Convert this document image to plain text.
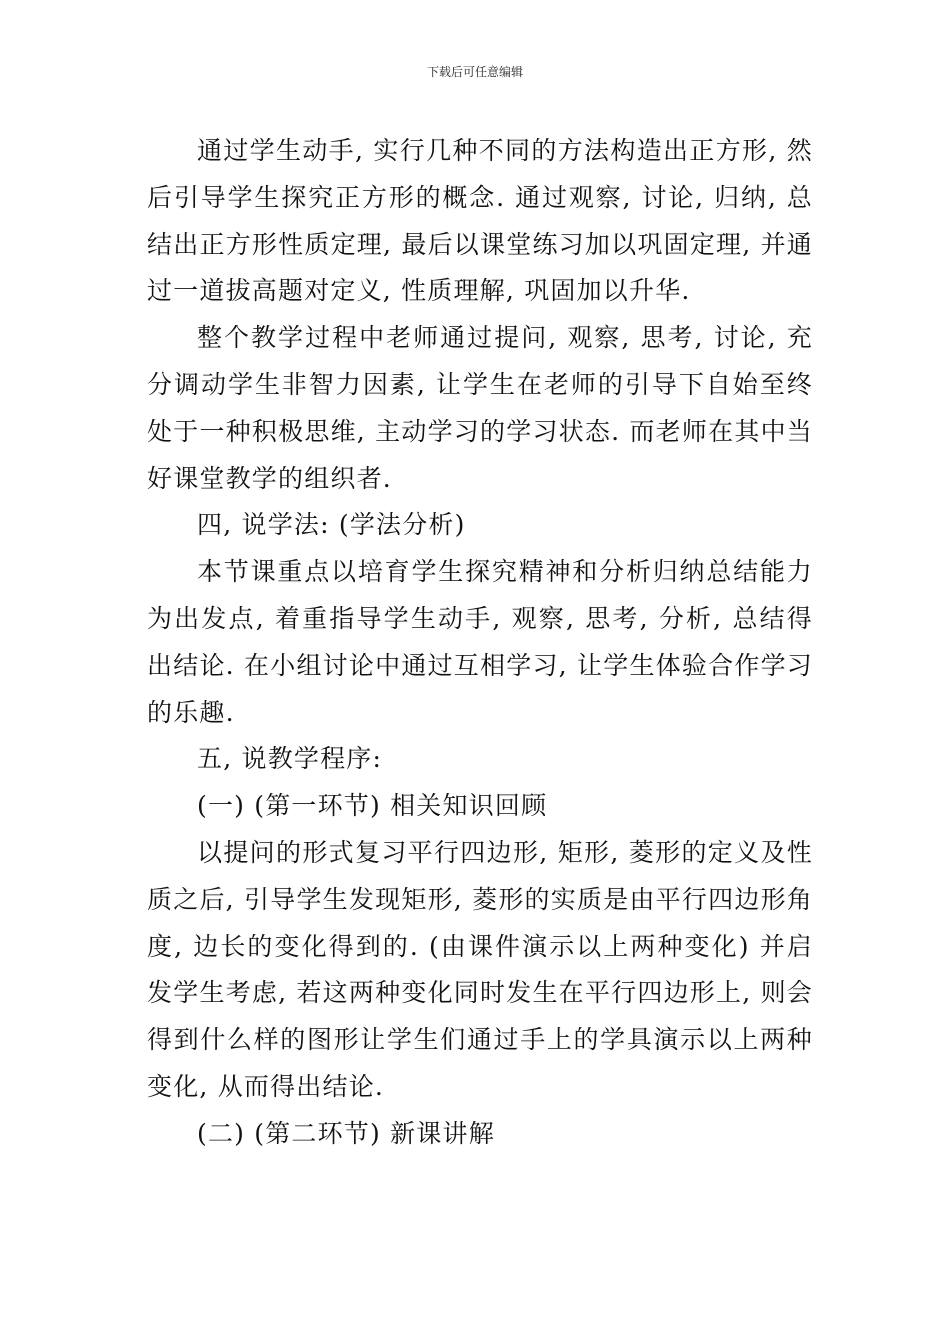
下载后可任意编辑

通过学生动手, 实行几种不同的方法构造出正方形, 然后引导学生探究正方形的概念. 通过观察, 讨论, 归纳, 总结出正方形性质定理, 最后以课堂练习加以巩固定理, 并通过一道拔高题对定义, 性质理解, 巩固加以升华.

整个教学过程中老师通过提问, 观察, 思考, 讨论, 充分调动学生非智力因素, 让学生在老师的引导下自始至终处于一种积极思维, 主动学习的学习状态. 而老师在其中当好课堂教学的组织者.

四, 说学法: (学法分析)

本节课重点以培育学生探究精神和分析归纳总结能力为出发点, 着重指导学生动手, 观察, 思考, 分析, 总结得出结论. 在小组讨论中通过互相学习, 让学生体验合作学习的乐趣.

五, 说教学程序:

(一) (第一环节) 相关知识回顾

以提问的形式复习平行四边形, 矩形, 菱形的定义及性质之后, 引导学生发现矩形, 菱形的实质是由平行四边形角度, 边长的变化得到的. (由课件演示以上两种变化) 并启发学生考虑, 若这两种变化同时发生在平行四边形上, 则会得到什么样的图形让学生们通过手上的学具演示以上两种变化, 从而得出结论.

(二) (第二环节) 新课讲解
